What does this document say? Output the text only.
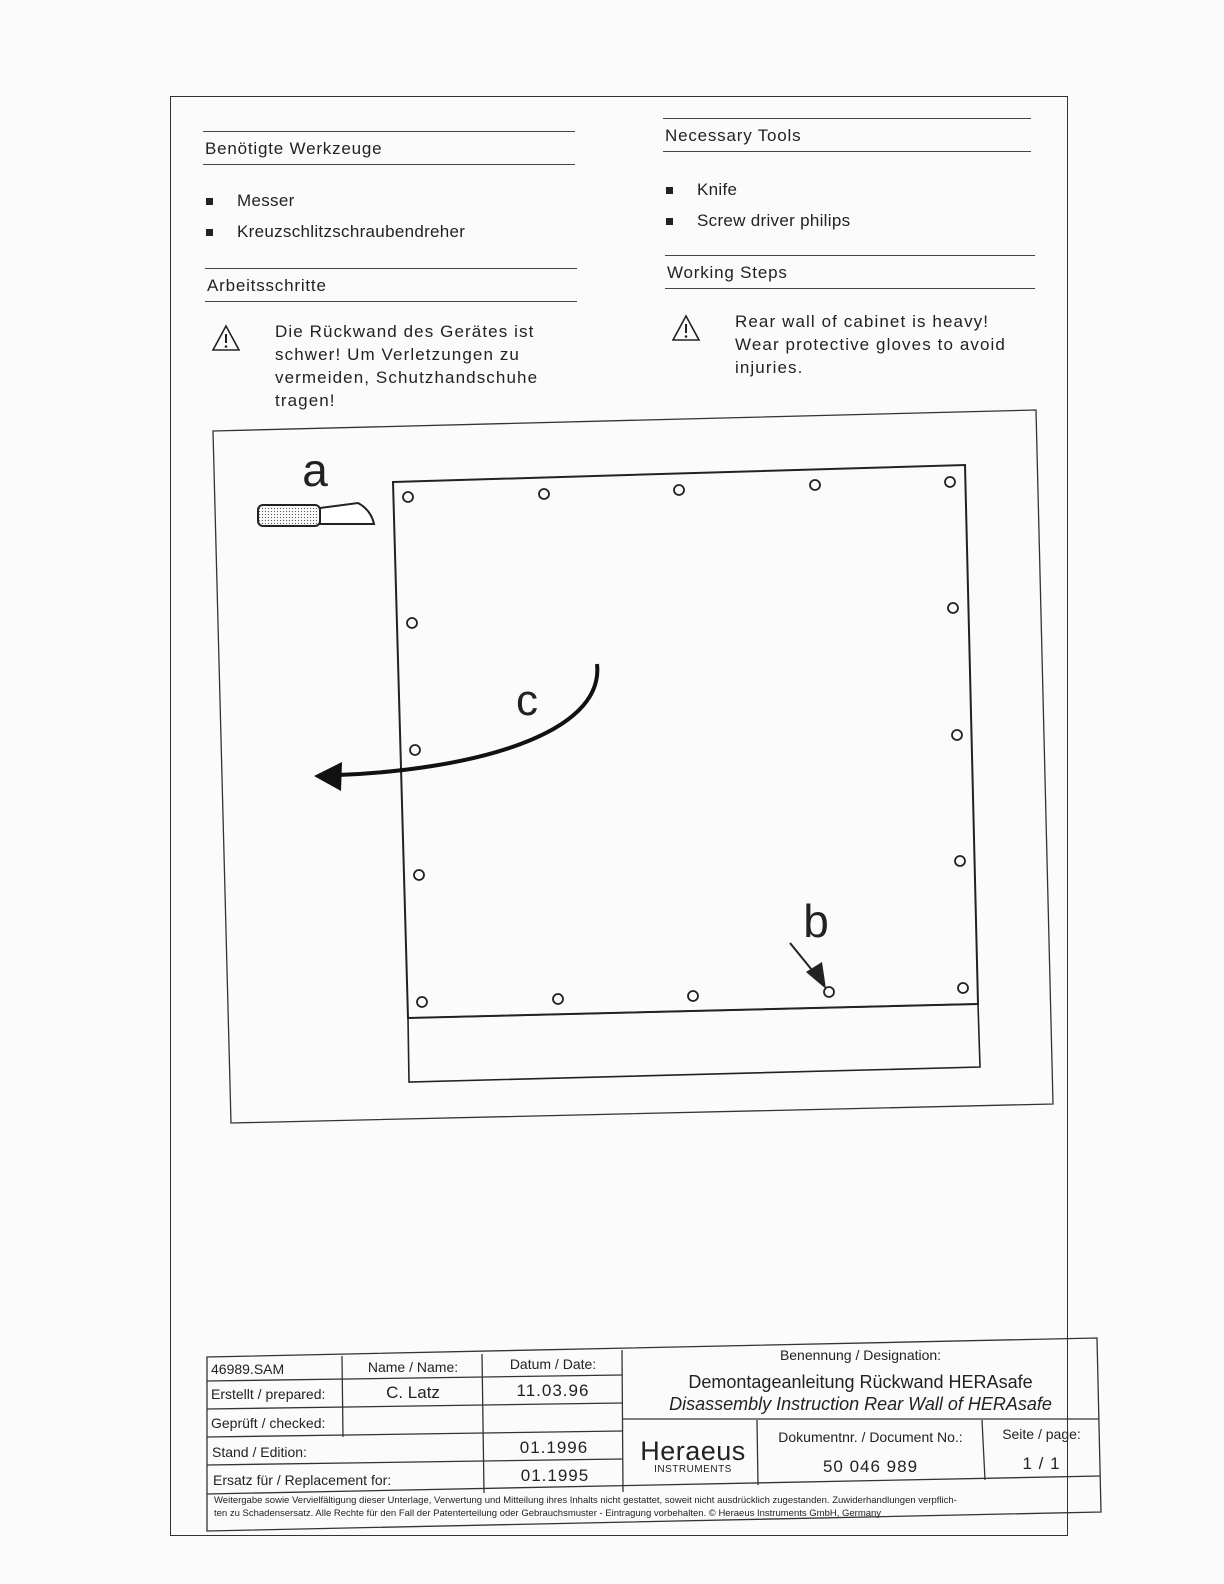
Benötigte Werkzeuge
Messer
Kreuzschlitzschraubendreher
Necessary Tools
Knife
Screw driver philips
Arbeitsschritte
Die Rückwand des Gerätes ist schwer! Um Verletzungen zu vermeiden, Schutzhandschuhe tragen!
Working Steps
Rear wall of cabinet is heavy! Wear protective gloves to avoid injuries.
a
c
b
46989.SAM	Name / Name:	Datum / Date:
Erstellt / prepared:	C. Latz	11.03.96
Geprüft / checked:
Stand / Edition:	01.1996
Ersatz für / Replacement for:	01.1995
Benennung / Designation:
Demontageanleitung Rückwand HERAsafe
Disassembly Instruction Rear Wall of HERAsafe
Heraeus
INSTRUMENTS
Dokumentnr. / Document No.:
50 046 989
Seite / page:
1 / 1
Weitergabe sowie Vervielfältigung dieser Unterlage, Verwertung und Mitteilung ihres Inhalts nicht gestattet, soweit nicht ausdrücklich zugestanden. Zuwiderhandlungen verpflich-
ten zu Schadensersatz. Alle Rechte für den Fall der Patenterteilung oder Gebrauchsmuster - Eintragung vorbehalten. © Heraeus Instruments GmbH, Germany
